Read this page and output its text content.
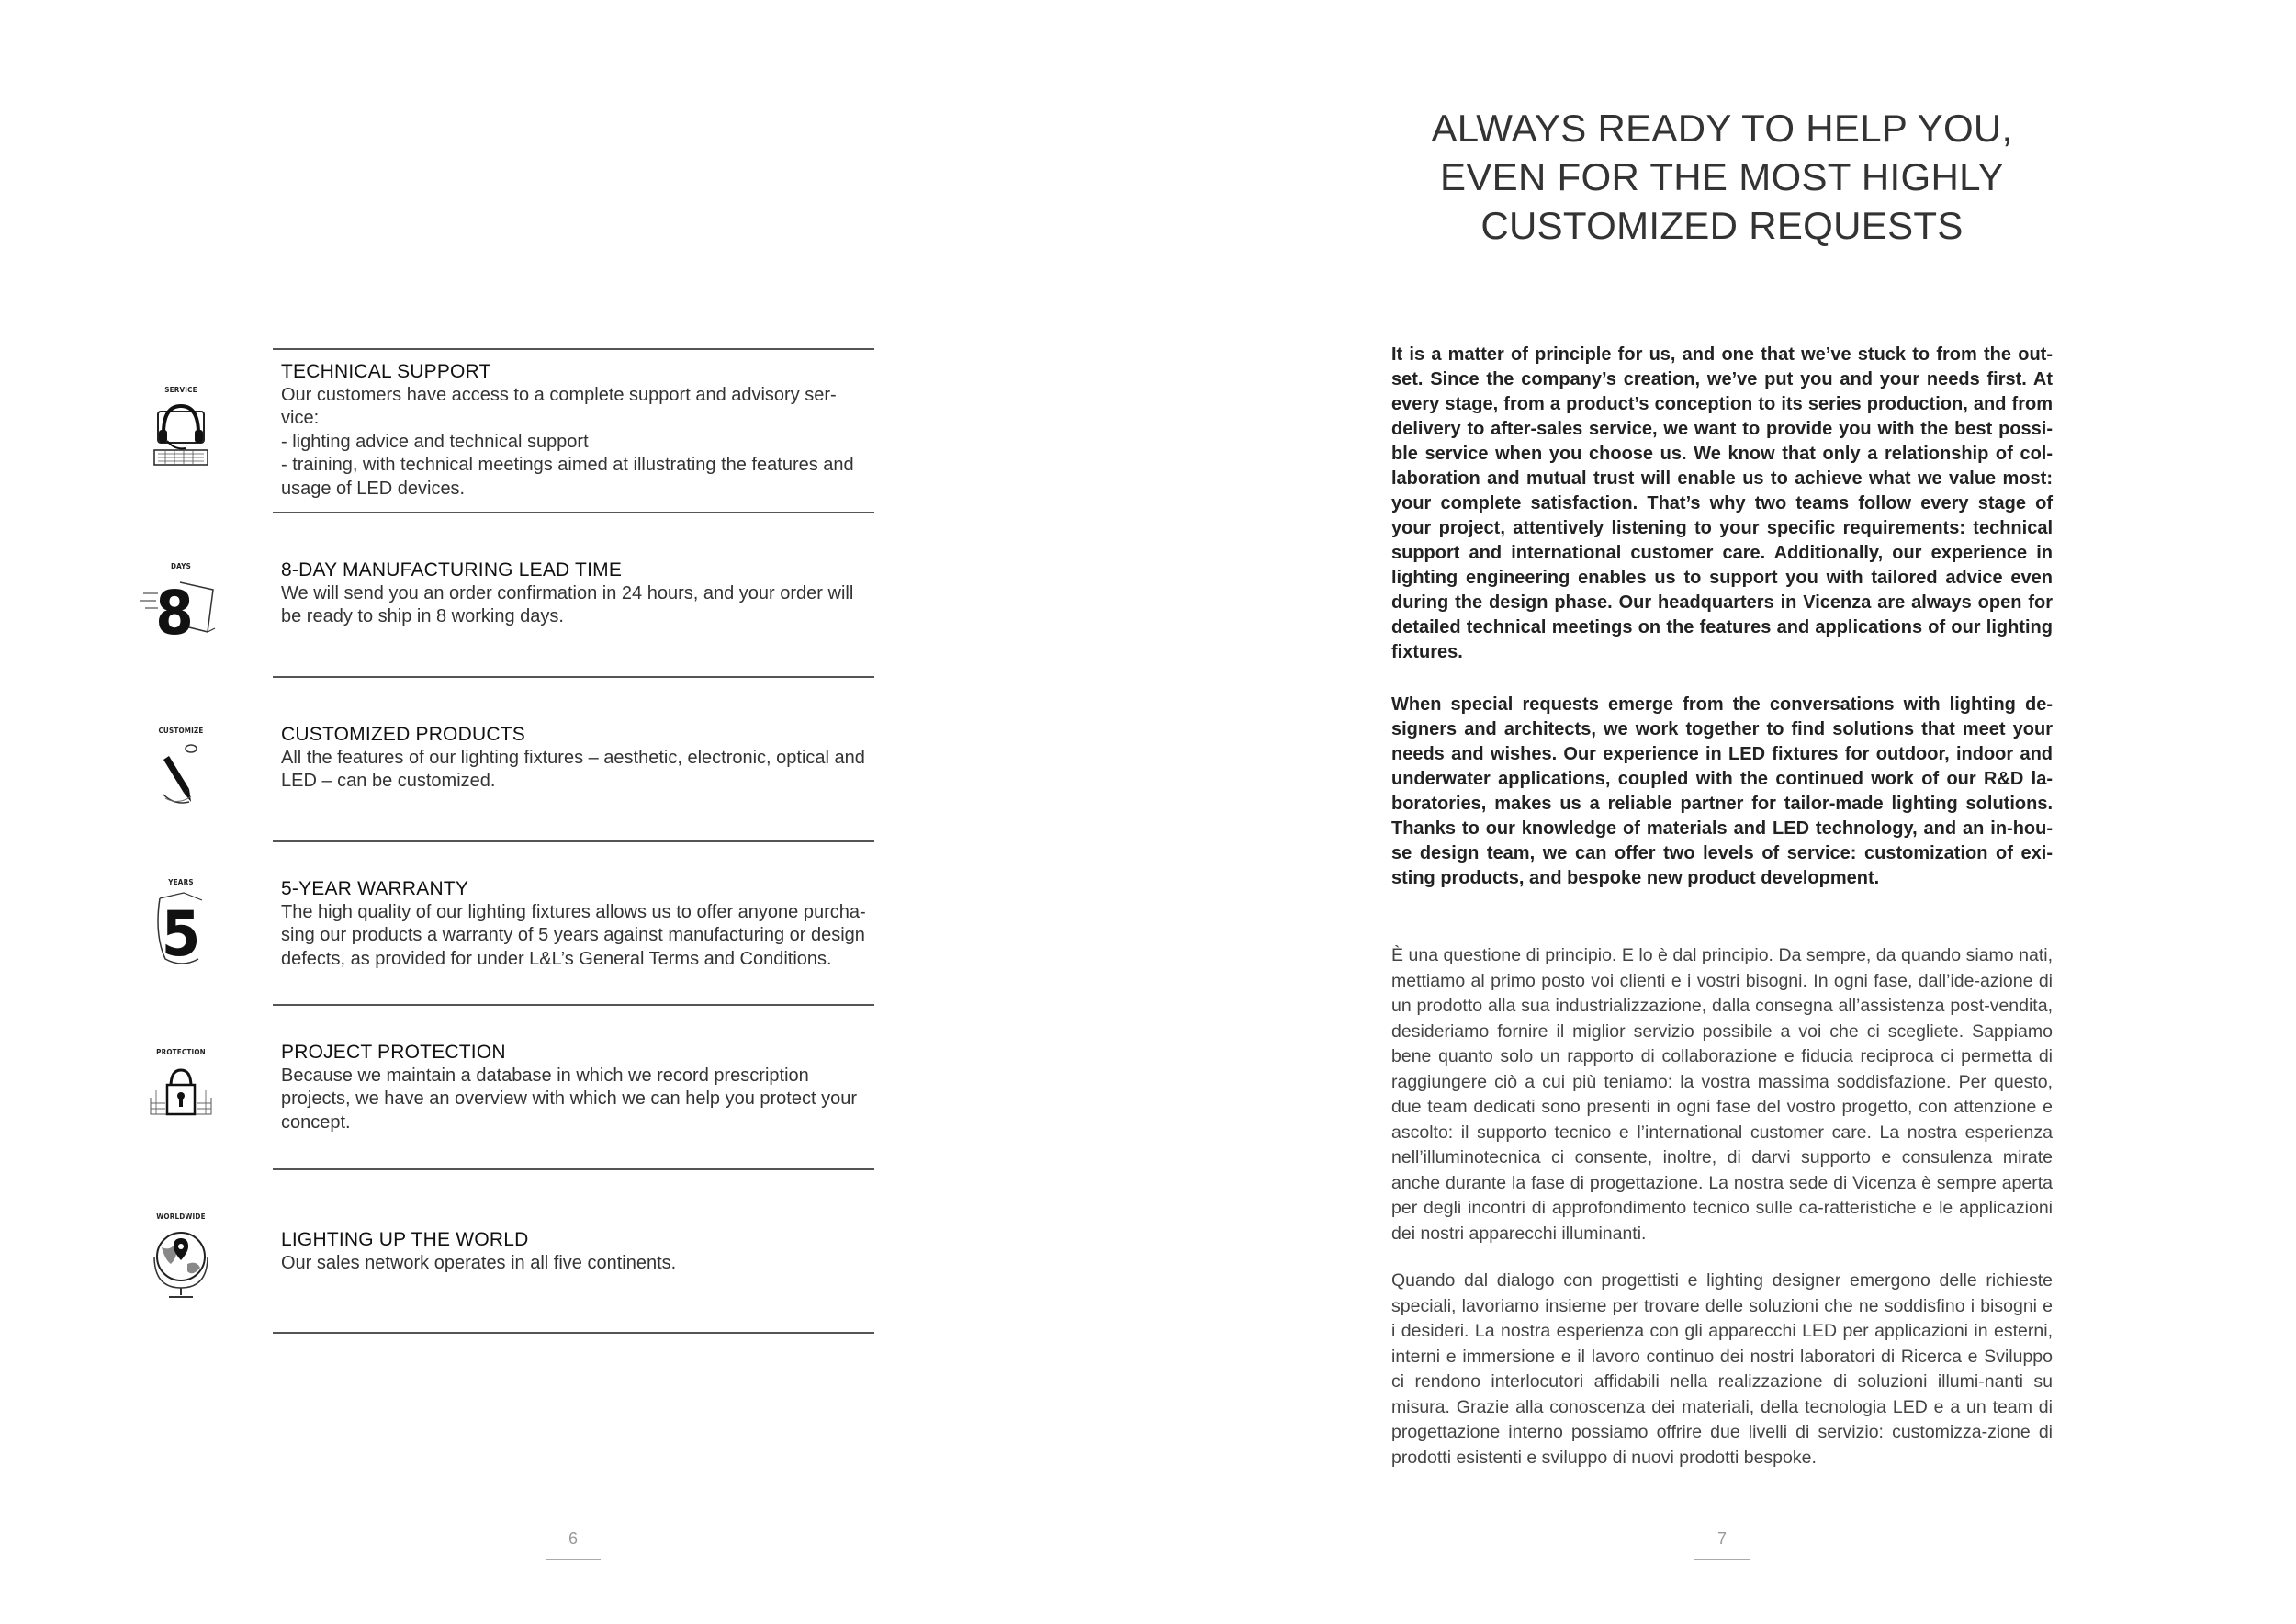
SERVICE
TECHNICAL SUPPORT
Our customers have access to a complete support and advisory ser-
vice:
- lighting advice and technical support
- training, with technical meetings aimed at illustrating the features and
usage of LED devices.
DAYS
8
8-DAY MANUFACTURING LEAD TIME
We will send you an order confirmation in 24 hours, and your order will
be ready to ship in 8 working days.
CUSTOMIZE	CUSTOMIZED PRODUCTS
All the features of our lighting fixtures – aesthetic, electronic, optical and
LED – can be customized.
YEARS
5
5-YEAR WARRANTY
The high quality of our lighting fixtures allows us to offer anyone purcha-
sing our products a warranty of 5 years against manufacturing or design
defects, as provided for under L&L’s General Terms and Conditions.
PROTECTION	PROJECT PROTECTION
Because we maintain a database in which we record prescription
projects, we have an overview with which we can help you protect your
concept.
WORLDWIDE
LIGHTING UP THE WORLD
Our sales network operates in all five continents.
6
ALWAYS READY TO HELP YOU,
EVEN FOR THE MOST HIGHLY
CUSTOMIZED REQUESTS
It is a matter of principle for us, and one that we’ve stuck to from the out-set. Since the company’s creation, we’ve put you and your needs first. At every stage, from a product’s conception to its series production, and from delivery to after-sales service, we want to provide you with the best possi-ble service when you choose us. We know that only a relationship of col-laboration and mutual trust will enable us to achieve what we value most: your complete satisfaction. That’s why two teams follow every stage of your project, attentively listening to your specific requirements: technical support and international customer care. Additionally, our experience in lighting engineering enables us to support you with tailored advice even during the design phase. Our headquarters in Vicenza are always open for detailed technical meetings on the features and applications of our lighting fixtures.
When special requests emerge from the conversations with lighting de-signers and architects, we work together to find solutions that meet your needs and wishes. Our experience in LED fixtures for outdoor, indoor and underwater applications, coupled with the continued work of our R&D la-boratories, makes us a reliable partner for tailor-made lighting solutions. Thanks to our knowledge of materials and LED technology, and an in-hou-se design team, we can offer two levels of service: customization of exi-sting products, and bespoke new product development.
È una questione di principio. E lo è dal principio. Da sempre, da quando siamo nati, mettiamo al primo posto voi clienti e i vostri bisogni. In ogni fase, dall’ide-azione di un prodotto alla sua industrializzazione, dalla consegna all’assistenza post-vendita, desideriamo fornire il miglior servizio possibile a voi che ci scegliete. Sappiamo bene quanto solo un rapporto di collaborazione e fiducia reciproca ci permetta di raggiungere ciò a cui più teniamo: la vostra massima soddisfazione. Per questo, due team dedicati sono presenti in ogni fase del vostro progetto, con attenzione e ascolto: il supporto tecnico e l’international customer care. La nostra esperienza nell’illuminotecnica ci consente, inoltre, di darvi supporto e consulenza mirate anche durante la fase di progettazione. La nostra sede di Vicenza è sempre aperta per degli incontri di approfondimento tecnico sulle ca-ratteristiche e le applicazioni dei nostri apparecchi illuminanti.
Quando dal dialogo con progettisti e lighting designer emergono delle richieste speciali, lavoriamo insieme per trovare delle soluzioni che ne soddisfino i bisogni e i desideri. La nostra esperienza con gli apparecchi LED per applicazioni in esterni, interni e immersione e il lavoro continuo dei nostri laboratori di Ricerca e Sviluppo ci rendono interlocutori affidabili nella realizzazione di soluzioni illumi-nanti su misura. Grazie alla conoscenza dei materiali, della tecnologia LED e a un team di progettazione interno possiamo offrire due livelli di servizio: customizza-zione di prodotti esistenti e sviluppo di nuovi prodotti bespoke.
7
